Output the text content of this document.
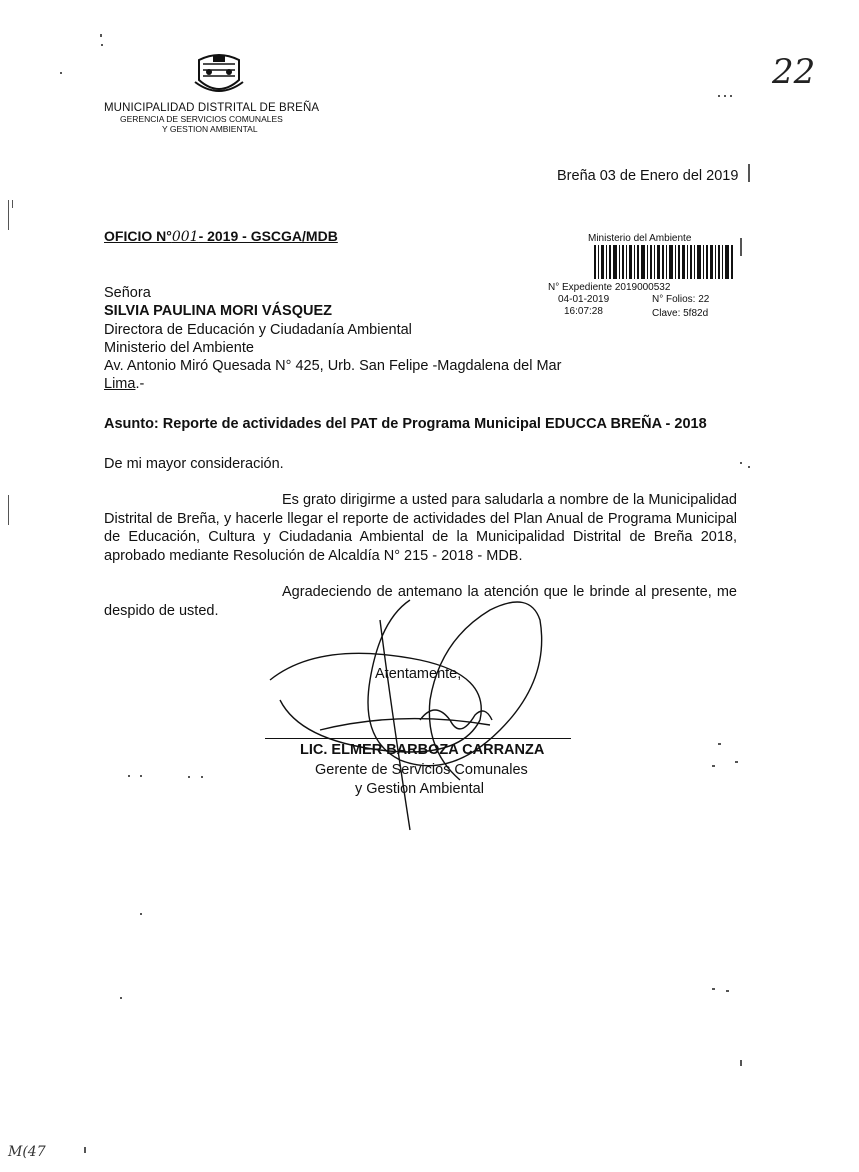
MUNICIPALIDAD DISTRITAL DE BREÑA
GERENCIA DE SERVICIOS COMUNALES
Y GESTION AMBIENTAL
22
Breña 03 de Enero del 2019
OFICIO N°001- 2019 - GSCGA/MDB	Ministerio del Ambiente
N° Expediente 2019000532
04-01-2019	N° Folios: 22
16:07:28	Clave: 5f82d
Señora
SILVIA PAULINA MORI VÁSQUEZ
Directora de Educación y Ciudadanía Ambiental
Ministerio del Ambiente
Av. Antonio Miró Quesada N° 425, Urb. San Felipe -Magdalena del Mar
Lima.-
Asunto: Reporte de actividades del PAT de Programa Municipal EDUCCA BREÑA - 2018
De mi mayor consideración.

Es grato dirigirme a usted para saludarla a nombre de la Municipalidad Distrital de Breña, y hacerle llegar el reporte de actividades del Plan Anual de Programa Municipal de Educación, Cultura y Ciudadania Ambiental de la Municipalidad Distrital de Breña 2018, aprobado mediante Resolución de Alcaldía N° 215 - 2018 - MDB.

Agradeciendo de antemano la atención que le brinde al presente, me despido de usted.

Atentamente,
LIC. ELMER BARBOZA CARRANZA
Gerente de Servicios Comunales
y Gestion Ambiental
M(47
